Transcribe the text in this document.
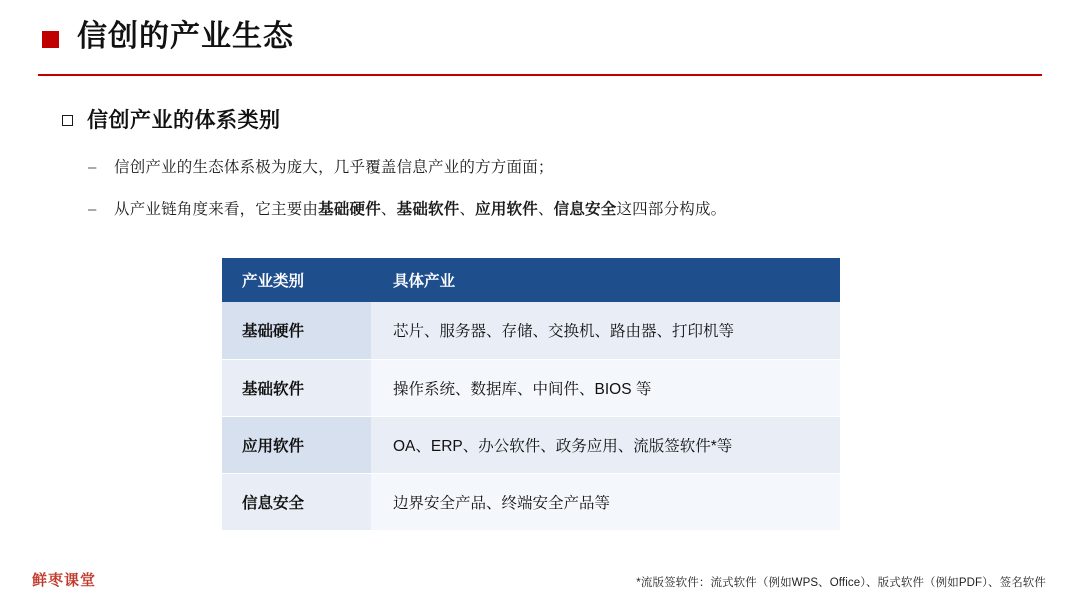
信创的产业生态
信创产业的体系类别
–	信创产业的生态体系极为庞大，几乎覆盖信息产业的方方面面；
–	从产业链角度来看，它主要由基础硬件、基础软件、应用软件、信息安全这四部分构成。
产业类别	具体产业
基础硬件	芯片、服务器、存储、交换机、路由器、打印机等
基础软件	操作系统、数据库、中间件、BIOS 等
应用软件	OA、ERP、办公软件、政务应用、流版签软件*等
信息安全	边界安全产品、终端安全产品等
*流版签软件：流式软件（例如WPS、Office）、版式软件（例如PDF）、签名软件
鲜枣课堂
